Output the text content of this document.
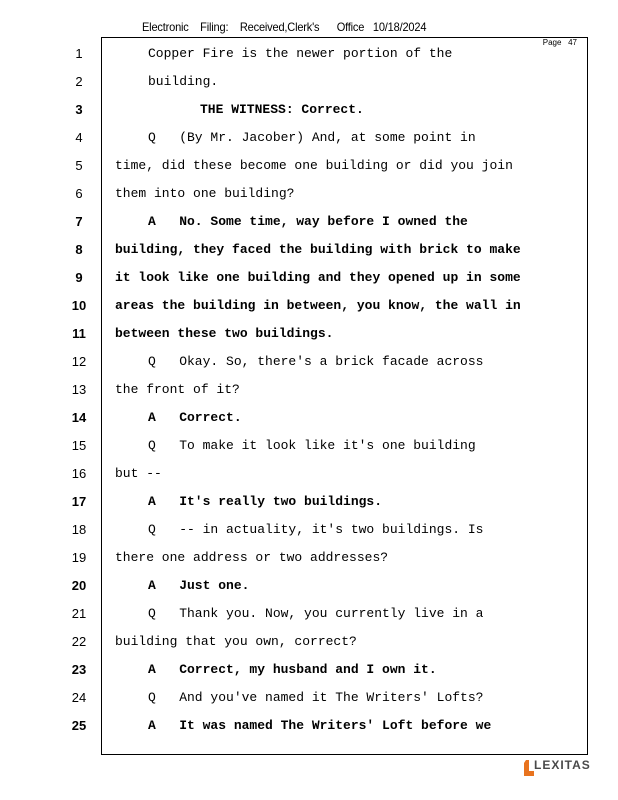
Electronic    Filing:    Received,Clerk's      Office   10/18/2024
Page   47
1	Copper Fire is the newer portion of the
2	building.
3	THE WITNESS: Correct.
4	Q   (By Mr. Jacober) And, at some point in
5	time, did these become one building or did you join
6	them into one building?
7	A   No. Some time, way before I owned the
8	building, they faced the building with brick to make
9	it look like one building and they opened up in some
10	areas the building in between, you know, the wall in
11	between these two buildings.
12	Q   Okay. So, there's a brick facade across
13	the front of it?
14	A   Correct.
15	Q   To make it look like it's one building
16	but --
17	A   It's really two buildings.
18	Q   -- in actuality, it's two buildings. Is
19	there one address or two addresses?
20	A   Just one.
21	Q   Thank you. Now, you currently live in a
22	building that you own, correct?
23	A   Correct, my husband and I own it.
24	Q   And you've named it The Writers' Lofts?
25	A   It was named The Writers' Loft before we
LEXITAS
